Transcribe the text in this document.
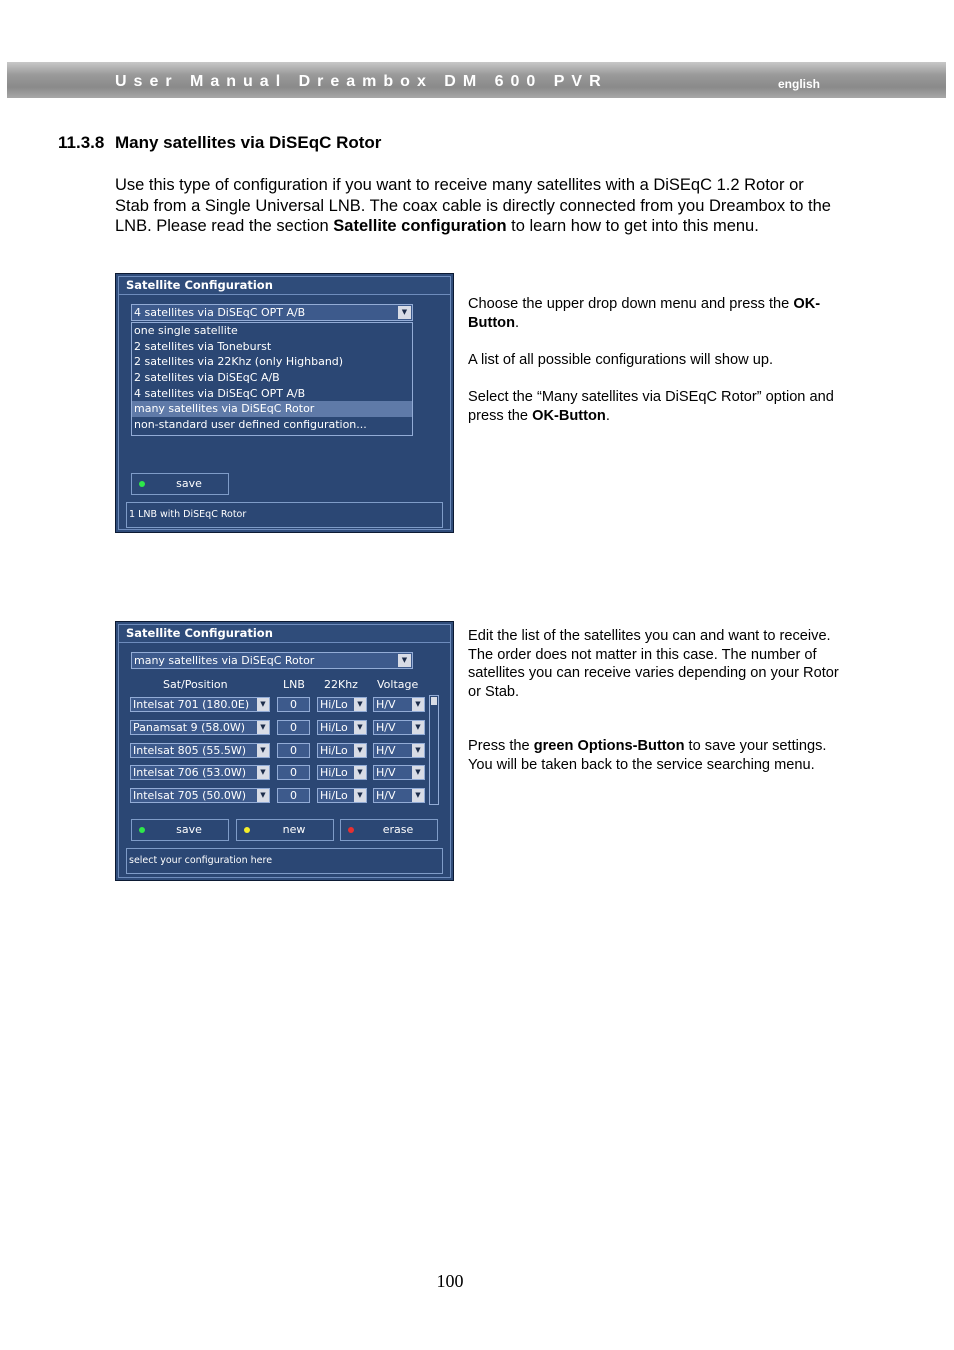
User Manual Dreambox DM 600 PVR	english
11.3.8 Many satellites via DiSEqC Rotor
Use this type of configuration if you want to receive many satellites with a DiSEqC 1.2 Rotor or Stab from a Single Universal LNB. The coax cable is directly connected from you Dreambox to the LNB. Please read the section Satellite configuration to learn how to get into this menu.
Satellite Configuration
4 satellites via DiSEqC OPT A/B	▼
one single satellite
2 satellites via Toneburst
2 satellites via 22Khz (only Highband)
2 satellites via DiSEqC A/B
4 satellites via DiSEqC OPT A/B
many satellites via DiSEqC Rotor
non-standard user defined configuration...
save
1 LNB with DiSEqC Rotor

Choose the upper drop down menu and press the OK-Button.

A list of all possible configurations will show up.

Select the “Many satellites via DiSEqC Rotor” option and press the OK-Button.

Satellite Configuration
many satellites via DiSEqC Rotor	▼
Sat/Position	LNB 22Khz Voltage
Intelsat 701 (180.0E)	▼	0	Hi/Lo	▼	H/V	▼
Panamsat 9 (58.0W)	▼	0	Hi/Lo	▼	H/V	▼
Intelsat 805 (55.5W)	▼	0	Hi/Lo	▼	H/V	▼
Intelsat 706 (53.0W)	▼	0	Hi/Lo	▼	H/V	▼
Intelsat 705 (50.0W)	▼	0	Hi/Lo	▼	H/V	▼
save	new	erase
select your configuration here

Edit the list of the satellites you can and want to receive. The order does not matter in this case. The number of satellites you can receive varies depending on your Rotor or Stab.

Press the green Options-Button to save your settings. You will be taken back to the service searching menu.

100
